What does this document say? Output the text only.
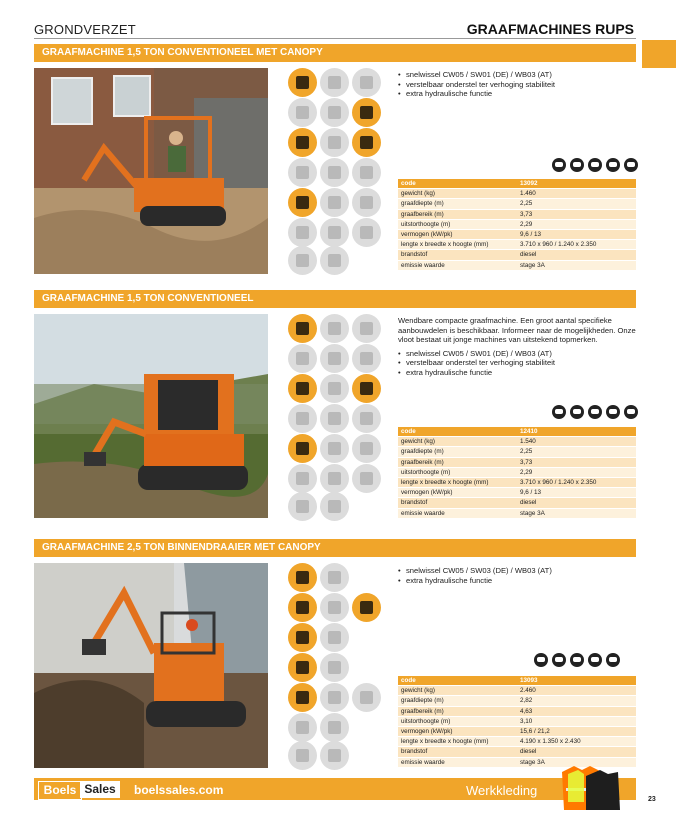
GRONDVERZET	GRAAFMACHINES RUPS
GRAAFMACHINE 1,5 TON CONVENTIONEEL MET CANOPY
• snelwissel CW05 / SW01 (DE) / WB03 (AT)
• verstelbaar onderstel ter verhoging stabiliteit
• extra hydraulische functie
code	13092
gewicht (kg)	1.460
graafdiepte (m)	2,25
graafbereik (m)	3,73
uitstorthoogte (m)	2,29
vermogen (kW/pk)	9,6 / 13
lengte x breedte x hoogte (mm)	3.710 x 960 / 1.240 x 2.350
brandstof	diesel
emissie waarde	stage 3A
GRAAFMACHINE 1,5 TON CONVENTIONEEL

Wendbare compacte graafmachine. Een groot aantal specifieke aanbouwdelen is beschikbaar. Informeer naar de mogelijkheden. Onze vloot bestaat uit jonge machines van uitstekend topmerken.

• snelwissel CW05 / SW01 (DE) / WB03 (AT)
• verstelbaar onderstel ter verhoging stabiliteit
• extra hydraulische functie
code	12410
gewicht (kg)	1.540
graafdiepte (m)	2,25
graafbereik (m)	3,73
uitstorthoogte (m)	2,29
lengte x breedte x hoogte (mm)	3.710 x 960 / 1.240 x 2.350
vermogen (kW/pk)	9,6 / 13
brandstof	diesel
emissie waarde	stage 3A
GRAAFMACHINE 2,5 TON BINNENDRAAIER MET CANOPY
• snelwissel CW05 / SW03 (DE) / WB03 (AT)
• extra hydraulische functie
code	13093
gewicht (kg)	2.460
graafdiepte (m)	2,82
graafbereik (m)	4,63
uitstorthoogte (m)	3,10
vermogen (kW/pk)	15,6 / 21,2
lengte x breedte x hoogte (mm)	4.190 x 1.350 x 2.430
brandstof	diesel
emissie waarde	stage 3A
Boels Sales	boelssales.com	Werkkleding
23
